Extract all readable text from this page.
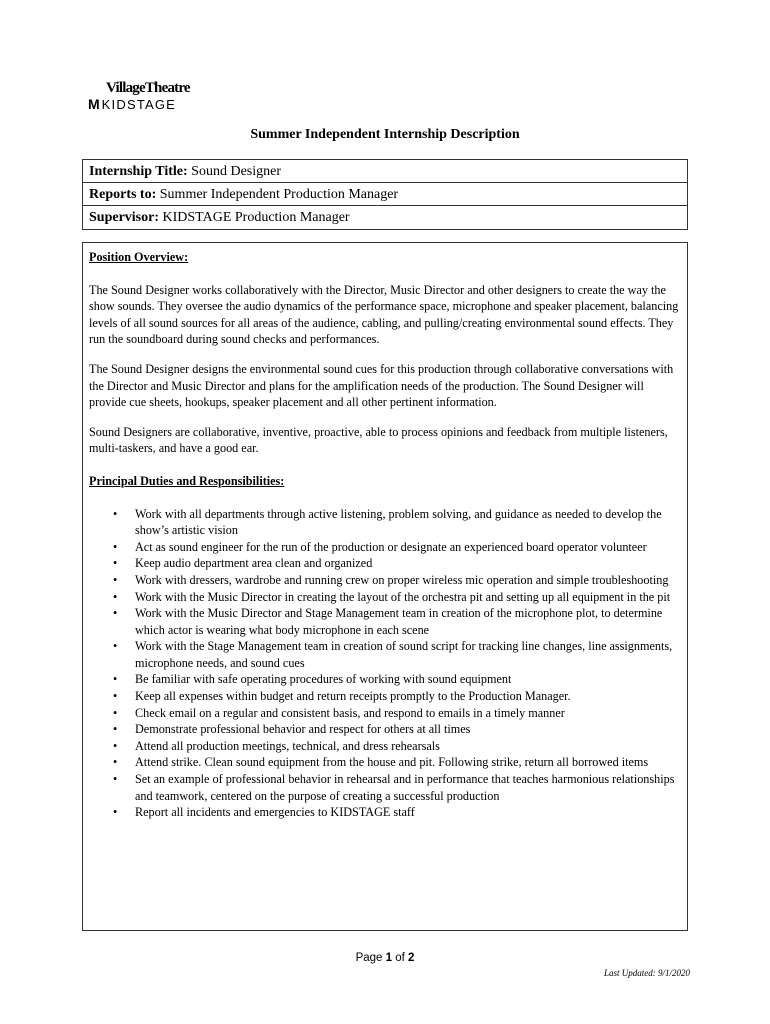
VillageTheatre
M KIDSTAGE
Summer Independent Internship Description
Internship Title: Sound Designer
Reports to: Summer Independent Production Manager
Supervisor: KIDSTAGE Production Manager

Position Overview:

The Sound Designer works collaboratively with the Director, Music Director and other designers to create the way the show sounds. They oversee the audio dynamics of the performance space, microphone and speaker placement, balancing levels of all sound sources for all areas of the audience, cabling, and pulling/creating environmental sound effects. They run the soundboard during sound checks and performances.

The Sound Designer designs the environmental sound cues for this production through collaborative conversations with the Director and Music Director and plans for the amplification needs of the production. The Sound Designer will provide cue sheets, hookups, speaker placement and all other pertinent information.

Sound Designers are collaborative, inventive, proactive, able to process opinions and feedback from multiple listeners, multi-taskers, and have a good ear.

Principal Duties and Responsibilities:

• Work with all departments through active listening, problem solving, and guidance as needed to develop the show’s artistic vision
• Act as sound engineer for the run of the production or designate an experienced board operator volunteer
• Keep audio department area clean and organized
• Work with dressers, wardrobe and running crew on proper wireless mic operation and simple troubleshooting
• Work with the Music Director in creating the layout of the orchestra pit and setting up all equipment in the pit
• Work with the Music Director and Stage Management team in creation of the microphone plot, to determine which actor is wearing what body microphone in each scene
• Work with the Stage Management team in creation of sound script for tracking line changes, line assignments, microphone needs, and sound cues
• Be familiar with safe operating procedures of working with sound equipment
• Keep all expenses within budget and return receipts promptly to the Production Manager.
• Check email on a regular and consistent basis, and respond to emails in a timely manner
• Demonstrate professional behavior and respect for others at all times
• Attend all production meetings, technical, and dress rehearsals
• Attend strike. Clean sound equipment from the house and pit. Following strike, return all borrowed items
• Set an example of professional behavior in rehearsal and in performance that teaches harmonious relationships and teamwork, centered on the purpose of creating a successful production
• Report all incidents and emergencies to KIDSTAGE staff
Page 1 of 2
Last Updated: 9/1/2020
